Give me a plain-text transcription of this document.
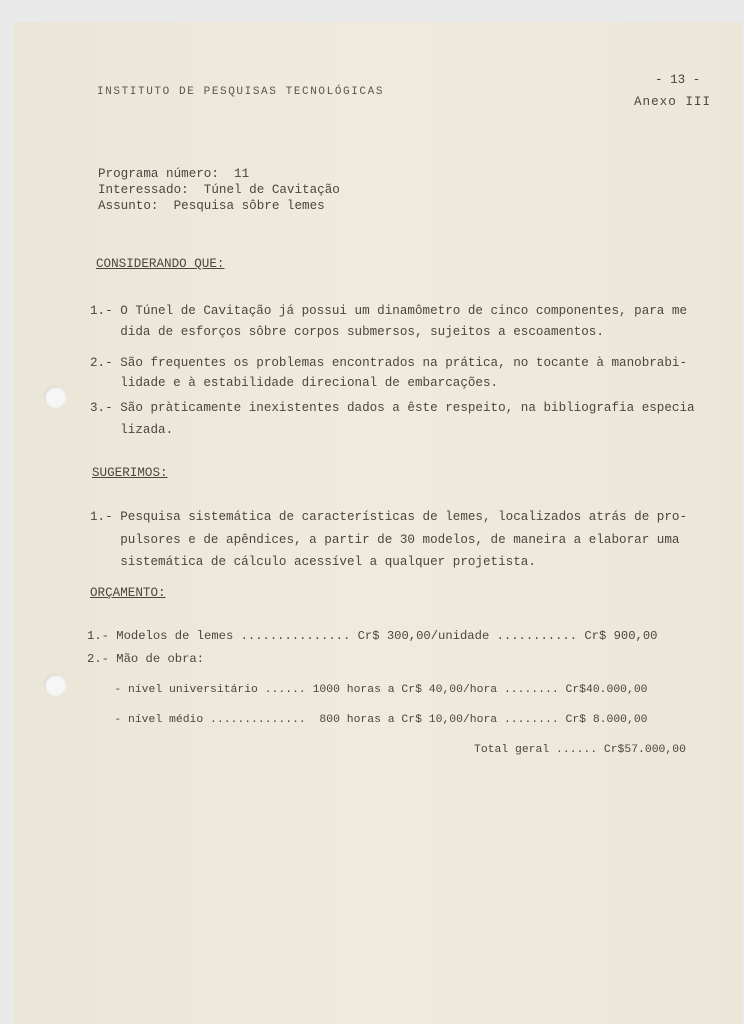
INSTITUTO DE PESQUISAS TECNOLÓGICAS
- 13 -
Anexo III
Programa número:  11
Interessado:  Túnel de Cavitação
Assunto:  Pesquisa sôbre lemes
CONSIDERANDO QUE:
1.- O Túnel de Cavitação já possui um dinamômetro de cinco componentes, para me
dida de esforços sôbre corpos submersos, sujeitos a escoamentos.
2.- São frequentes os problemas encontrados na prática, no tocante à manobrabi-
lidade e à estabilidade direcional de embarcações.
3.- São pràticamente inexistentes dados a êste respeito, na bibliografia especia
lizada.
SUGERIMOS:
1.- Pesquisa sistemática de características de lemes, localizados atrás de pro-
pulsores e de apêndices, a partir de 30 modelos, de maneira a elaborar uma
sistemática de cálculo acessível a qualquer projetista.
ORÇAMENTO:
1.- Modelos de lemes ............... Cr$ 300,00/unidade ........... Cr$ 900,00
2.- Mão de obra:
- nível universitário ...... 1000 horas a Cr$ 40,00/hora ........ Cr$40.000,00
- nível médio ..............  800 horas a Cr$ 10,00/hora ........ Cr$ 8.000,00
Total geral ...... Cr$57.000,00
